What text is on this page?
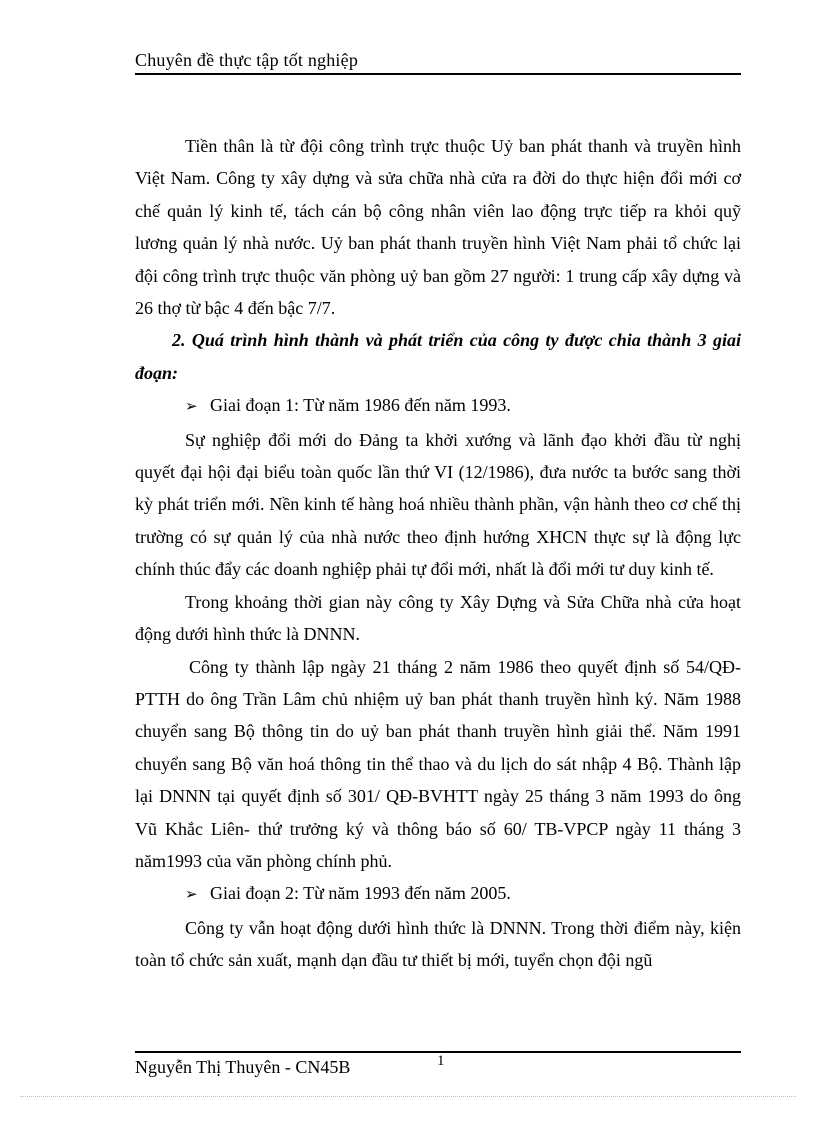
Chuyên đề thực tập tốt nghiệp

Tiền thân là từ đội công trình trực thuộc Uỷ ban phát thanh và truyền hình Việt Nam. Công ty xây dựng và sửa chữa nhà cửa ra đời do thực hiện đổi mới cơ chế quản lý kinh tế, tách cán bộ công nhân viên lao động trực tiếp ra khỏi quỹ lương quản lý nhà nước. Uỷ ban phát thanh truyền hình Việt Nam phải tổ chức lại đội công trình trực thuộc văn phòng uỷ ban gồm 27 người: 1 trung cấp xây dựng và 26 thợ từ bậc 4 đến bậc 7/7.

2. Quá trình hình thành và phát triển của công ty được chia thành 3 giai đoạn:

➢ Giai đoạn 1: Từ năm 1986 đến năm 1993.

Sự nghiệp đổi mới do Đảng ta khởi xướng và lãnh đạo khởi đầu từ nghị quyết đại hội đại biểu toàn quốc lần thứ VI (12/1986), đưa nước ta bước sang thời kỳ phát triển mới. Nền kinh tế hàng hoá nhiều thành phần, vận hành theo cơ chế thị trường có sự quản lý của nhà nước theo định hướng XHCN thực sự là động lực chính thúc đẩy các doanh nghiệp phải tự đổi mới, nhất là đổi mới tư duy kinh tế.

Trong khoảng thời gian này công ty Xây Dựng và Sửa Chữa nhà cửa hoạt động dưới hình thức là DNNN.

Công ty thành lập ngày 21 tháng 2 năm 1986 theo quyết định số 54/QĐ- PTTH do ông Trần Lâm chủ nhiệm uỷ ban phát thanh truyền hình ký. Năm 1988 chuyển sang Bộ thông tin do uỷ ban phát thanh truyền hình giải thể. Năm 1991 chuyển sang Bộ văn hoá thông tin thể thao và du lịch do sát nhập 4 Bộ. Thành lập lại DNNN tại quyết định số 301/ QĐ-BVHTT ngày 25 tháng 3 năm 1993 do ông Vũ Khắc Liên- thứ trưởng ký và thông báo số 60/ TB-VPCP ngày 11 tháng 3 năm1993 của văn phòng chính phủ.

➢ Giai đoạn 2: Từ năm 1993 đến năm 2005.

Công ty vẫn hoạt động dưới hình thức là DNNN. Trong thời điểm này, kiện toàn tổ chức sản xuất, mạnh dạn đầu tư thiết bị mới, tuyển chọn đội ngũ

Nguyễn Thị Thuyên - CN45B	1
